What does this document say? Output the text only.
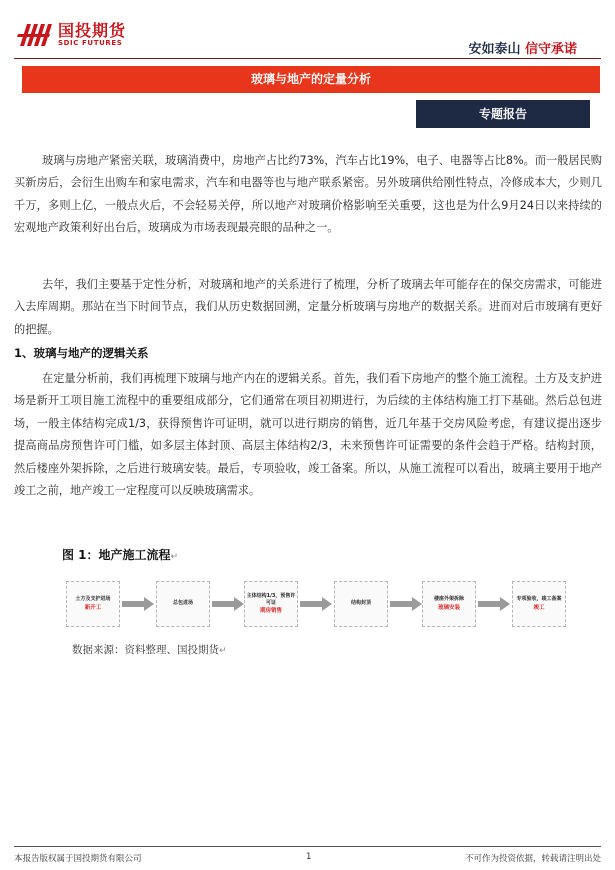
国投期货
SDIC FUTURES	安如泰山 信守承诺
玻璃与地产的定量分析
专题报告
玻璃与房地产紧密关联，玻璃消费中，房地产占比约73%，汽车占比19%，电子、电器等占比8%。而一般居民购买新房后，会衍生出购车和家电需求，汽车和电器等也与地产联系紧密。另外玻璃供给刚性特点，冷修成本大，少则几千万，多则上亿，一般点火后，不会轻易关停，所以地产对玻璃价格影响至关重要，这也是为什么9月24日以来持续的宏观地产政策利好出台后，玻璃成为市场表现最亮眼的品种之一。
去年，我们主要基于定性分析，对玻璃和地产的关系进行了梳理，分析了玻璃去年可能存在的保交房需求，可能进入去库周期。那站在当下时间节点，我们从历史数据回溯，定量分析玻璃与房地产的数据关系。进而对后市玻璃有更好的把握。
1、玻璃与地产的逻辑关系
在定量分析前，我们再梳理下玻璃与地产内在的逻辑关系。首先，我们看下房地产的整个施工流程。土方及支护进场是新开工项目施工流程中的重要组成部分，它们通常在项目初期进行，为后续的主体结构施工打下基础。然后总包进场，一般主体结构完成1/3，获得预售许可证明，就可以进行期房的销售，近几年基于交房风险考虑，有建议提出逐步提高商品房预售许可门槛，如多层主体封顶、高层主体结构2/3，未来预售许可证需要的条件会趋于严格。结构封顶，然后楼座外架拆除，之后进行玻璃安装。最后，专项验收，竣工备案。所以，从施工流程可以看出，玻璃主要用于地产竣工之前，地产竣工一定程度可以反映玻璃需求。
图 1：地产施工流程↵
土方及支护进场
新开工
总包进场
主体结构1/3，预售许可证
期房销售
结构封顶
楼座外架拆除
玻璃安装
专项验收，竣工备案
竣工
数据来源：资料整理、国投期货↵
本报告版权属于国投期货有限公司	1	不可作为投资依据，转载请注明出处
